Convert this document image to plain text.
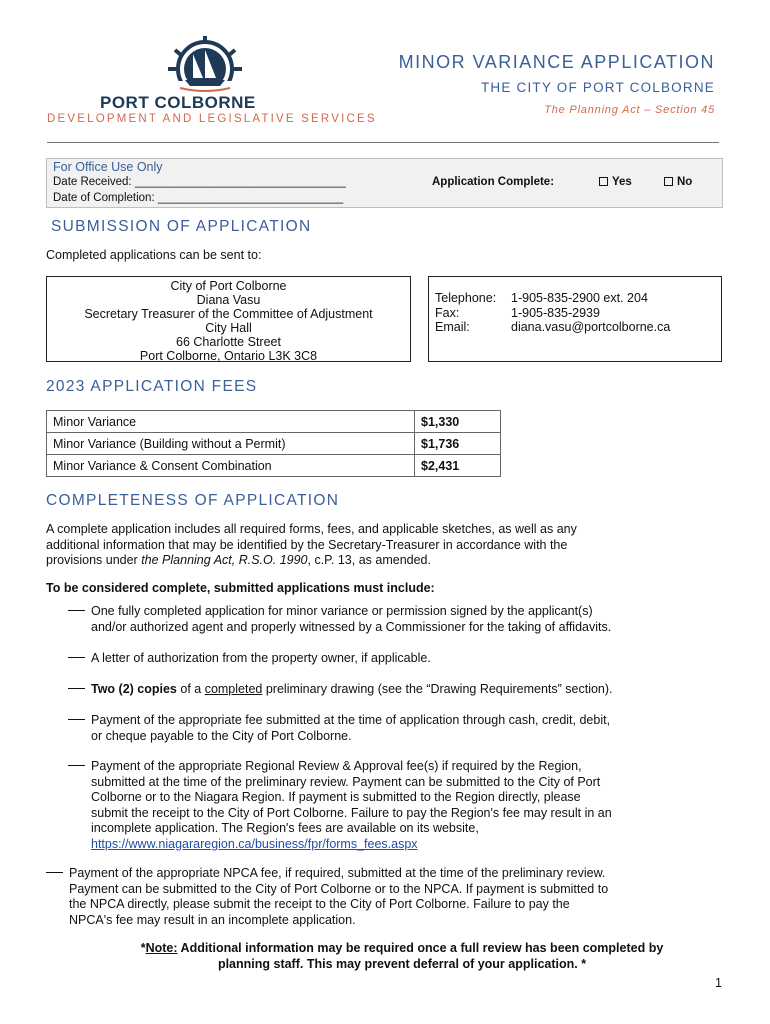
PORT COLBORNE
DEVELOPMENT AND LEGISLATIVE SERVICES
MINOR VARIANCE APPLICATION
THE CITY OF PORT COLBORNE
The Planning Act – Section 45
For Office Use Only
Date Received: _________________________________
Date of Completion: _____________________________
Application Complete:	Yes	No
SUBMISSION OF APPLICATION
Completed applications can be sent to:
City of Port Colborne
Diana Vasu
Secretary Treasurer of the Committee of Adjustment
City Hall
66 Charlotte Street
Port Colborne, Ontario L3K 3C8
Telephone:	1-905-835-2900 ext. 204
Fax:	1-905-835-2939
Email:	diana.vasu@portcolborne.ca
2023 APPLICATION FEES
Minor Variance	$1,330
Minor Variance (Building without a Permit)	$1,736
Minor Variance & Consent Combination	$2,431
COMPLETENESS OF APPLICATION
A complete application includes all required forms, fees, and applicable sketches, as well as any
additional information that may be identified by the Secretary-Treasurer in accordance with the
provisions under the Planning Act, R.S.O. 1990, c.P. 13, as amended.
To be considered complete, submitted applications must include:
One fully completed application for minor variance or permission signed by the applicant(s)
and/or authorized agent and properly witnessed by a Commissioner for the taking of affidavits.
A letter of authorization from the property owner, if applicable.
Two (2) copies of a completed preliminary drawing (see the “Drawing Requirements” section).
Payment of the appropriate fee submitted at the time of application through cash, credit, debit,
or cheque payable to the City of Port Colborne.
Payment of the appropriate Regional Review & Approval fee(s) if required by the Region,
submitted at the time of the preliminary review. Payment can be submitted to the City of Port
Colborne or to the Niagara Region. If payment is submitted to the Region directly, please
submit the receipt to the City of Port Colborne. Failure to pay the Region's fee may result in an
incomplete application. The Region's fees are available on its website,
https://www.niagararegion.ca/business/fpr/forms_fees.aspx
Payment of the appropriate NPCA fee, if required, submitted at the time of the preliminary review.
Payment can be submitted to the City of Port Colborne or to the NPCA. If payment is submitted to
the NPCA directly, please submit the receipt to the City of Port Colborne. Failure to pay the
NPCA's fee may result in an incomplete application.
*Note: Additional information may be required once a full review has been completed by
planning staff. This may prevent deferral of your application. *
1
